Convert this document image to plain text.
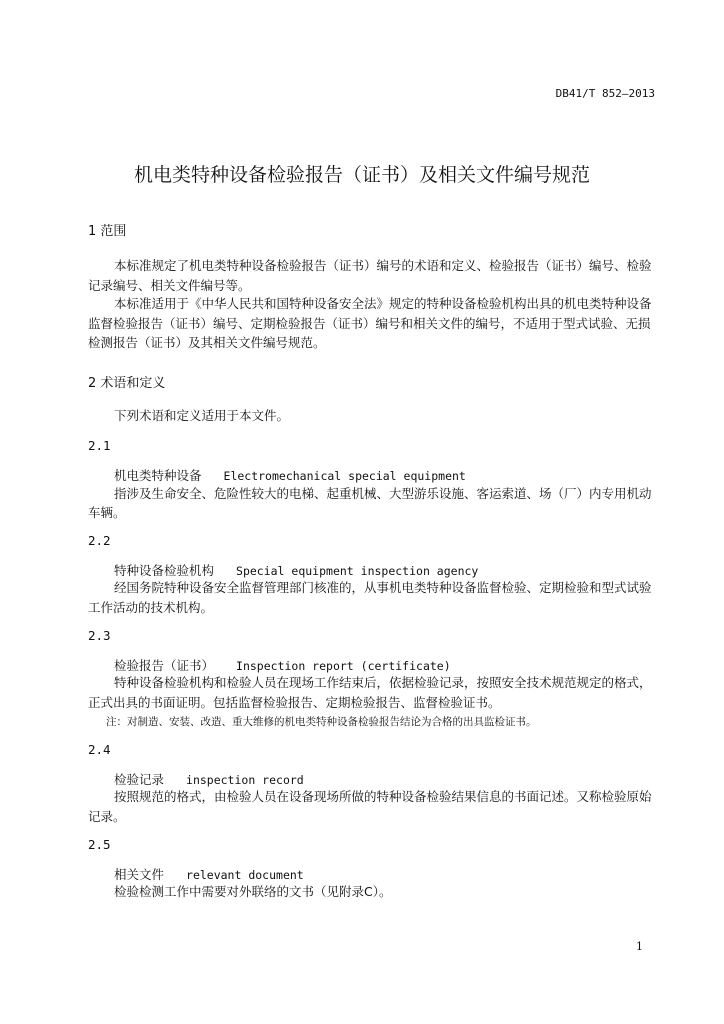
DB41/T 852—2013
机电类特种设备检验报告（证书）及相关文件编号规范
1 范围
本标准规定了机电类特种设备检验报告（证书）编号的术语和定义、检验报告（证书）编号、检验
记录编号、相关文件编号等。
本标准适用于《中华人民共和国特种设备安全法》规定的特种设备检验机构出具的机电类特种设备
监督检验报告（证书）编号、定期检验报告（证书）编号和相关文件的编号，不适用于型式试验、无损
检测报告（证书）及其相关文件编号规范。
2 术语和定义
下列术语和定义适用于本文件。
2.1
机电类特种设备 Electromechanical special equipment
指涉及生命安全、危险性较大的电梯、起重机械、大型游乐设施、客运索道、场（厂）内专用机动
车辆。
2.2
特种设备检验机构 Special equipment inspection agency
经国务院特种设备安全监督管理部门核准的，从事机电类特种设备监督检验、定期检验和型式试验
工作活动的技术机构。
2.3
检验报告（证书） Inspection report (certificate)
特种设备检验机构和检验人员在现场工作结束后，依据检验记录，按照安全技术规范规定的格式，
正式出具的书面证明。包括监督检验报告、定期检验报告、监督检验证书。
注：对制造、安装、改造、重大维修的机电类特种设备检验报告结论为合格的出具监检证书。
2.4
检验记录 inspection record
按照规范的格式，由检验人员在设备现场所做的特种设备检验结果信息的书面记述。又称检验原始
记录。
2.5
相关文件 relevant document
检验检测工作中需要对外联络的文书（见附录C）。
1
